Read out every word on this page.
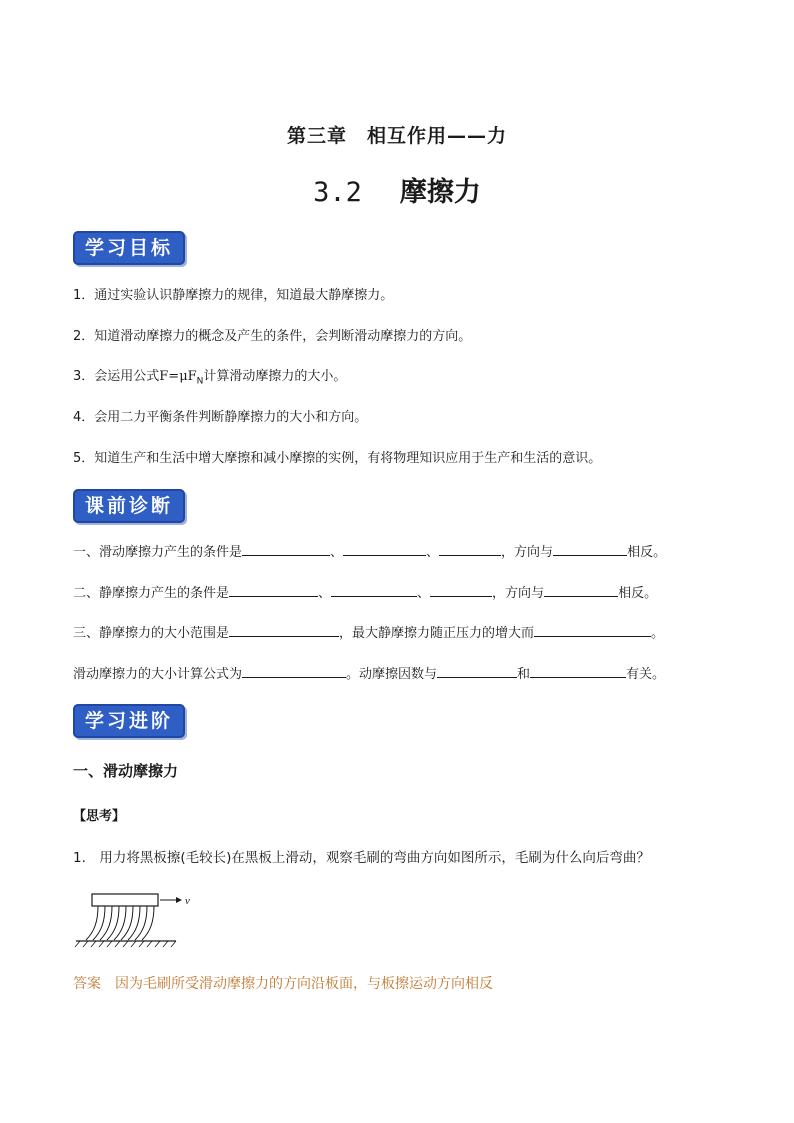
第三章　相互作用——力
3.2 摩擦力
学习目标
1．通过实验认识静摩擦力的规律，知道最大静摩擦力。
2．知道滑动摩擦力的概念及产生的条件，会判断滑动摩擦力的方向。
3．会运用公式$F=\mu F_N$计算滑动摩擦力的大小。
4．会用二力平衡条件判断静摩擦力的大小和方向。
5．知道生产和生活中增大摩擦和减小摩擦的实例，有将物理知识应用于生产和生活的意识。
课前诊断
一、滑动摩擦力产生的条件是	、	、	，方向与	相反。
二、静摩擦力产生的条件是	、	、	，方向与	相反。
三、静摩擦力的大小范围是	，最大静摩擦力随正压力的增大而	。
滑动摩擦力的大小计算公式为	。动摩擦因数与	和	有关。
学习进阶
一、滑动摩擦力
【思考】
1.　用力将黑板擦(毛较长)在黑板上滑动，观察毛刷的弯曲方向如图所示，毛刷为什么向后弯曲？
v
答案 因为毛刷所受滑动摩擦力的方向沿板面，与板擦运动方向相反
